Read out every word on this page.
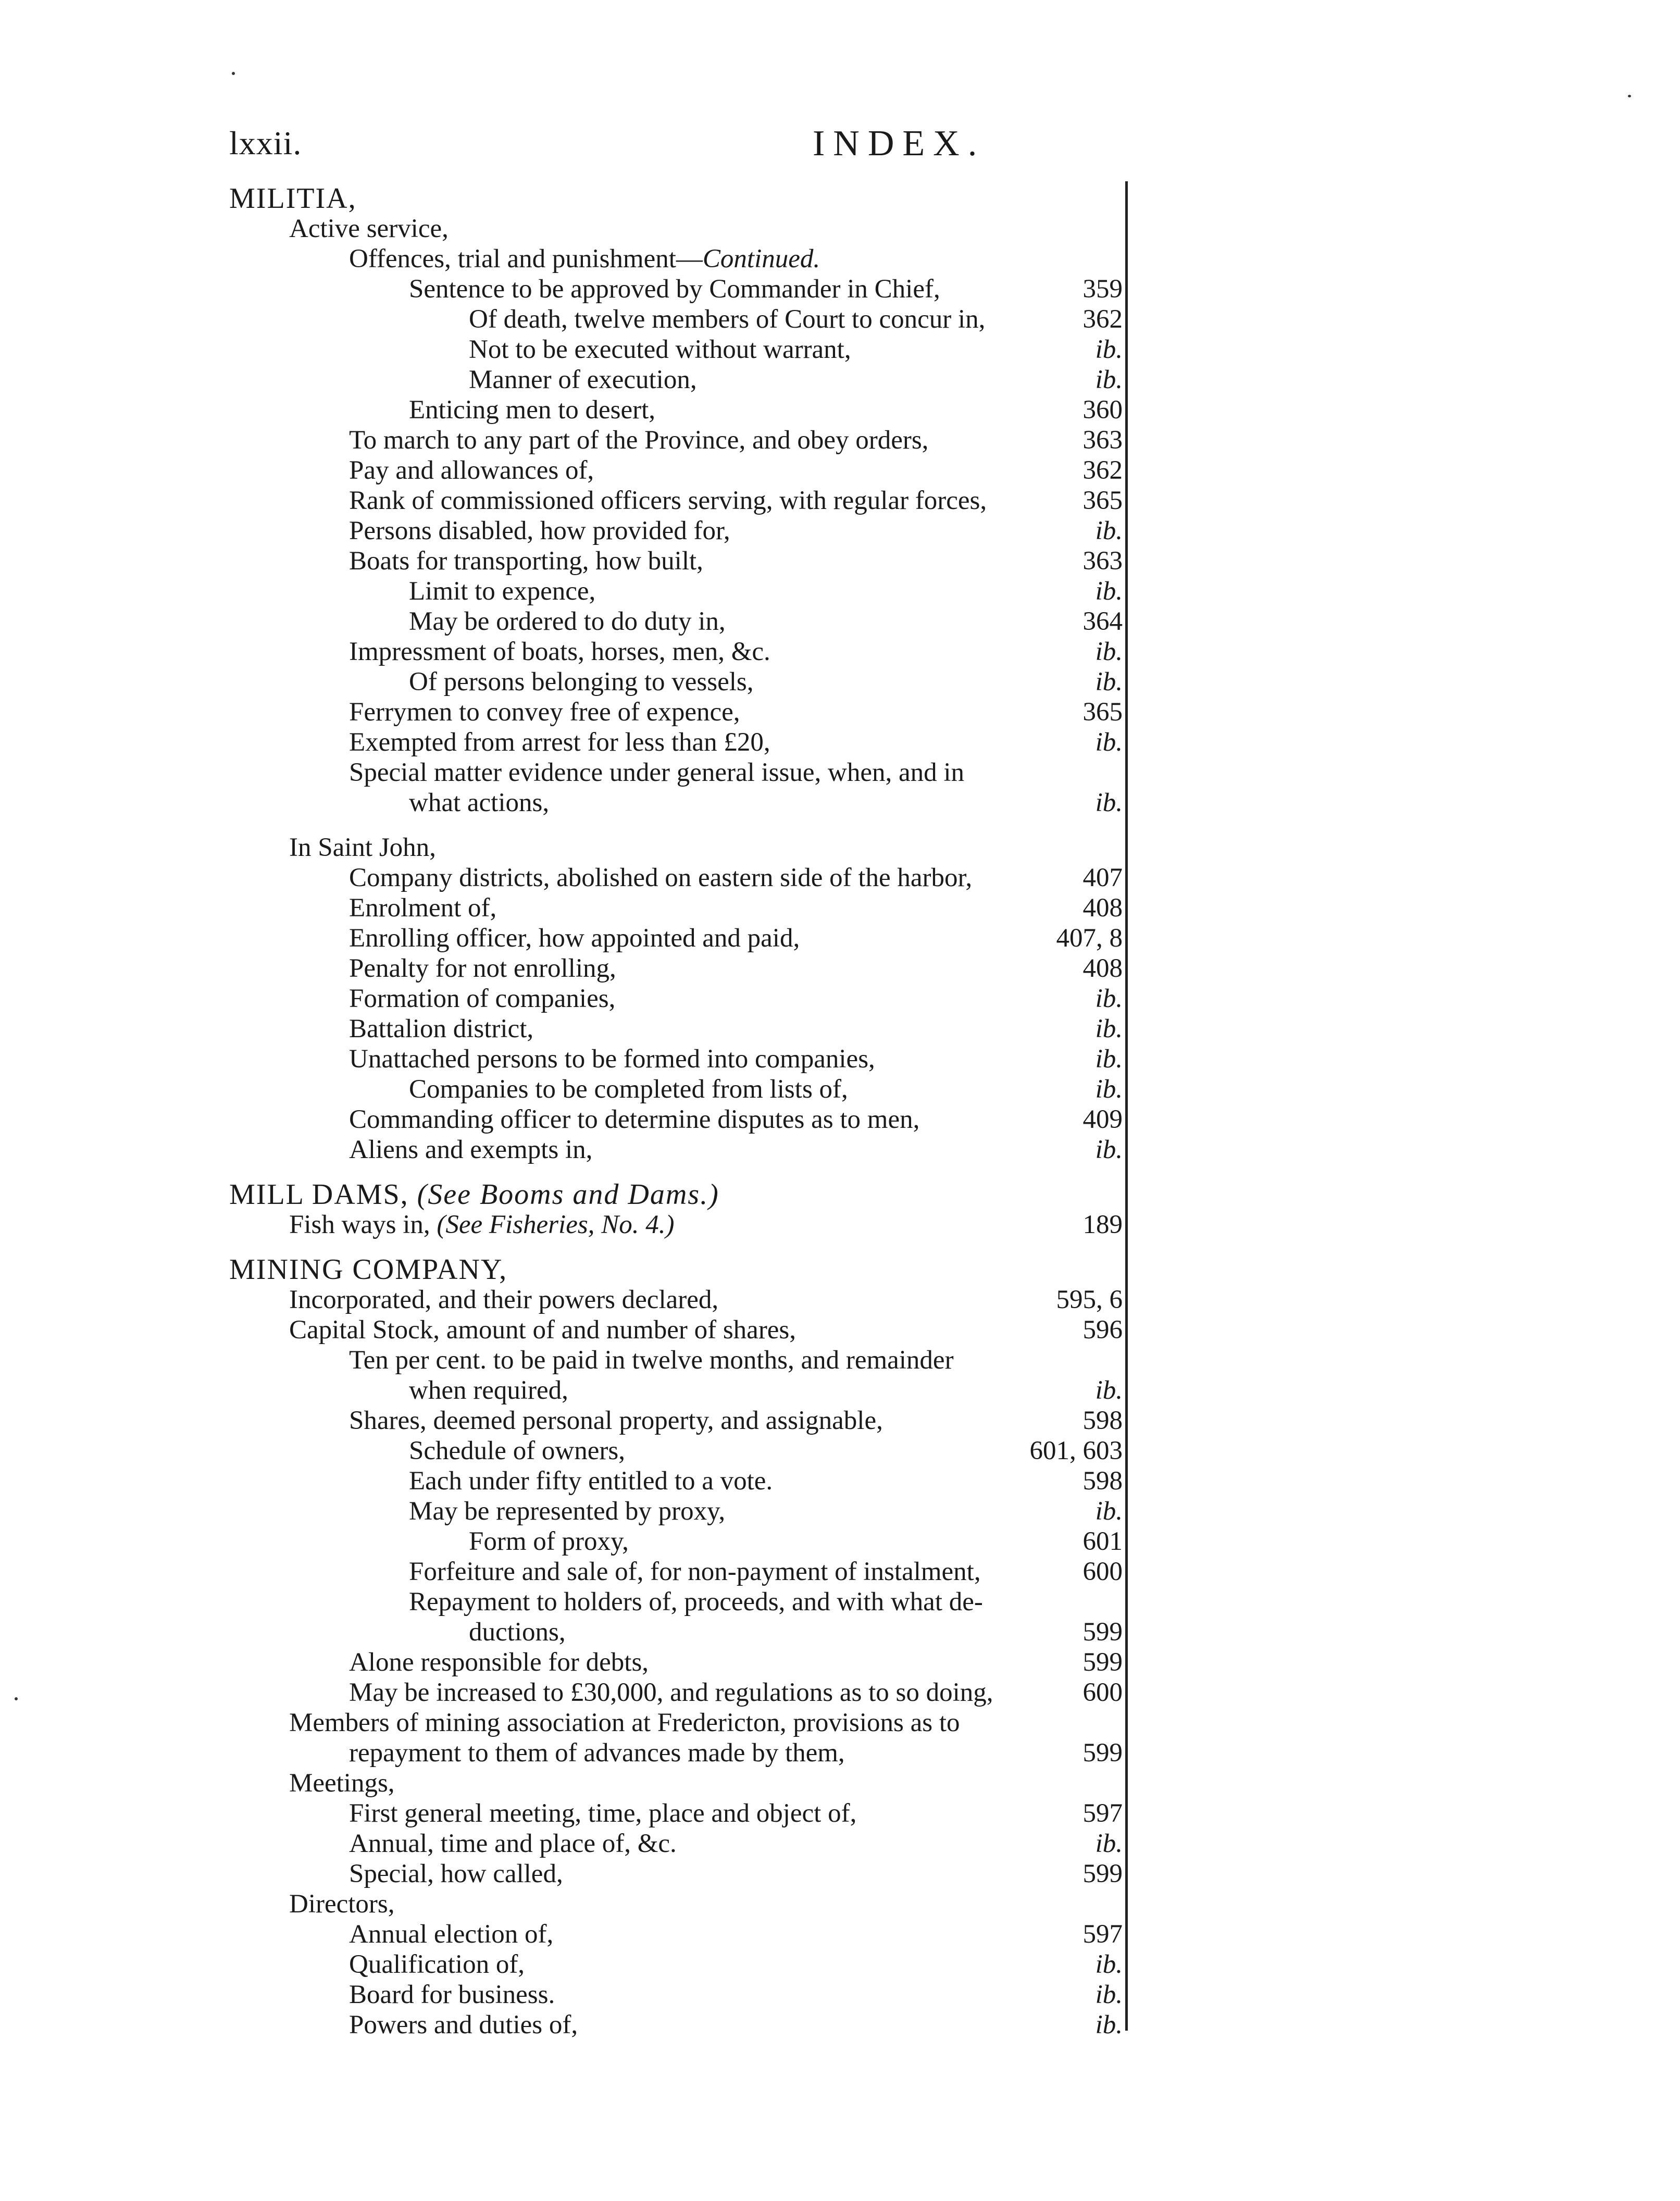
lxxii.	INDEX.
MILITIA,
Active service,
Offences, trial and punishment—Continued.
Sentence to be approved by Commander in Chief,	359
Of death, twelve members of Court to concur in,	362
Not to be executed without warrant,	ib.
Manner of execution,	ib.
Enticing men to desert,	360
To march to any part of the Province, and obey orders,	363
Pay and allowances of,	362
Rank of commissioned officers serving, with regular forces,	365
Persons disabled, how provided for,	ib.
Boats for transporting, how built,	363
Limit to expence,	ib.
May be ordered to do duty in,	364
Impressment of boats, horses, men, &c.	ib.
Of persons belonging to vessels,	ib.
Ferrymen to convey free of expence,	365
Exempted from arrest for less than £20,	ib.
Special matter evidence under general issue, when, and in
what actions,	ib.
In Saint John,
Company districts, abolished on eastern side of the harbor,	407
Enrolment of,	408
Enrolling officer, how appointed and paid,	407, 8
Penalty for not enrolling,	408
Formation of companies,	ib.
Battalion district,	ib.
Unattached persons to be formed into companies,	ib.
Companies to be completed from lists of,	ib.
Commanding officer to determine disputes as to men,	409
Aliens and exempts in,	ib.
MILL DAMS, (See Booms and Dams.)
Fish ways in, (See Fisheries, No. 4.)	189
MINING COMPANY,
Incorporated, and their powers declared,	595, 6
Capital Stock, amount of and number of shares,	596
Ten per cent. to be paid in twelve months, and remainder
when required,	ib.
Shares, deemed personal property, and assignable,	598
Schedule of owners,	601, 603
Each under fifty entitled to a vote.	598
May be represented by proxy,	ib.
Form of proxy,	601
Forfeiture and sale of, for non-payment of instalment,	600
Repayment to holders of, proceeds, and with what de-
ductions,	599
Alone responsible for debts,	599
May be increased to £30,000, and regulations as to so doing,	600
Members of mining association at Fredericton, provisions as to
repayment to them of advances made by them,	599
Meetings,
First general meeting, time, place and object of,	597
Annual, time and place of, &c.	ib.
Special, how called,	599
Directors,
Annual election of,	597
Qualification of,	ib.
Board for business.	ib.
Powers and duties of,	ib.
